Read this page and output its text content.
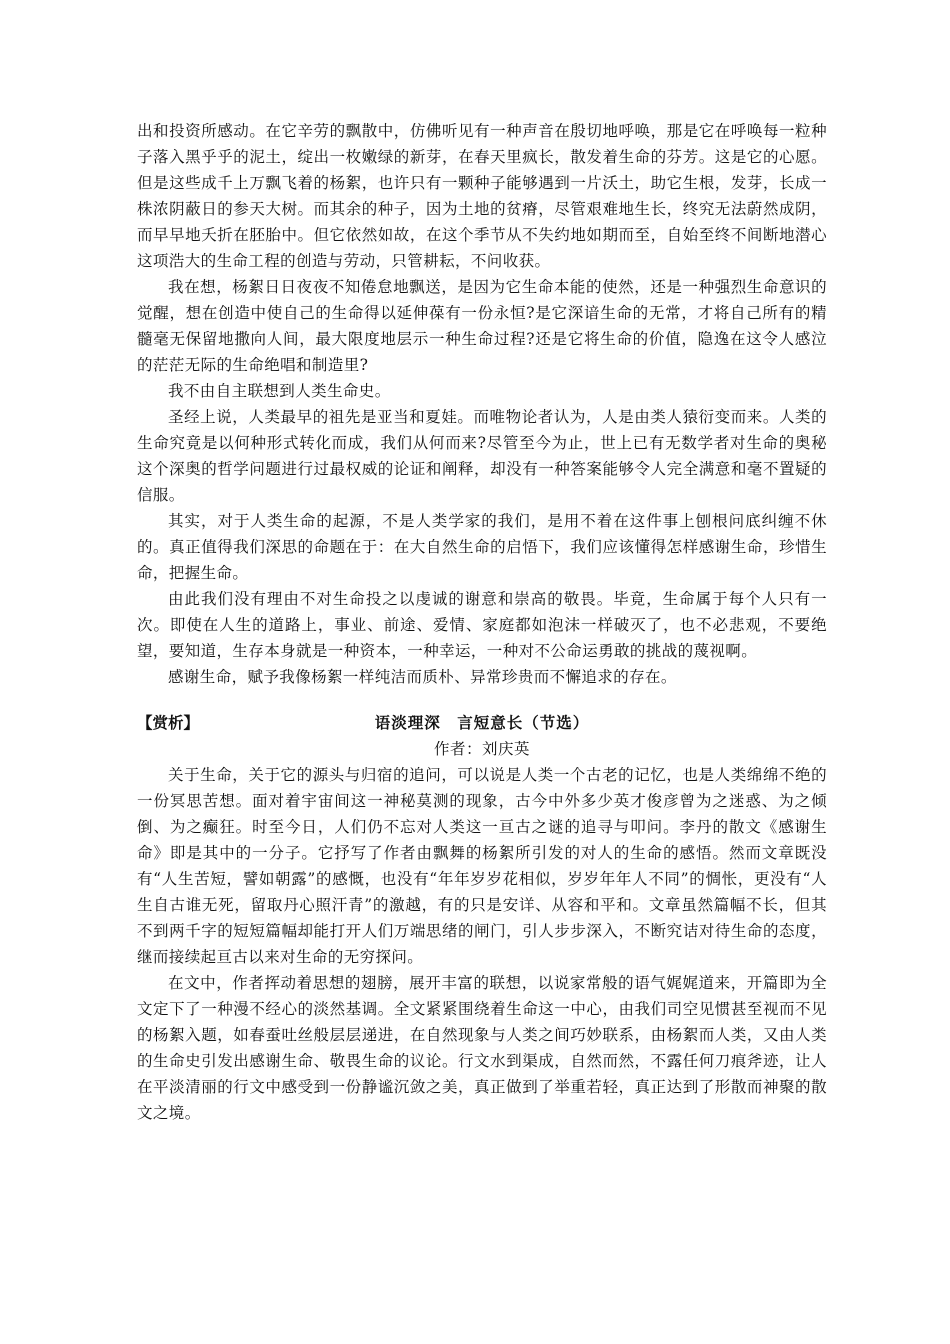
出和投资所感动。在它辛劳的飘散中，仿佛听见有一种声音在殷切地呼唤，那是它在呼唤每一粒种子落入黑乎乎的泥土，绽出一枚嫩绿的新芽，在春天里疯长，散发着生命的芬芳。这是它的心愿。但是这些成千上万飘飞着的杨絮，也许只有一颗种子能够遇到一片沃土，助它生根，发芽，长成一株浓阴蔽日的参天大树。而其余的种子，因为土地的贫瘠，尽管艰难地生长，终究无法蔚然成阴，而早早地夭折在胚胎中。但它依然如故，在这个季节从不失约地如期而至，自始至终不间断地潜心这项浩大的生命工程的创造与劳动，只管耕耘，不问收获。

我在想，杨絮日日夜夜不知倦怠地飘送，是因为它生命本能的使然，还是一种强烈生命意识的觉醒，想在创造中使自己的生命得以延伸葆有一份永恒?是它深谙生命的无常，才将自己所有的精髓毫无保留地撒向人间，最大限度地层示一种生命过程?还是它将生命的价值，隐逸在这令人感泣的茫茫无际的生命绝唱和制造里?

我不由自主联想到人类生命史。

圣经上说，人类最早的祖先是亚当和夏娃。而唯物论者认为，人是由类人猿衍变而来。人类的生命究竟是以何种形式转化而成，我们从何而来?尽管至今为止，世上已有无数学者对生命的奥秘这个深奥的哲学问题进行过最权威的论证和阐释，却没有一种答案能够令人完全满意和毫不置疑的信服。

其实，对于人类生命的起源，不是人类学家的我们，是用不着在这件事上刨根问底纠缠不休的。真正值得我们深思的命题在于：在大自然生命的启悟下，我们应该懂得怎样感谢生命，珍惜生命，把握生命。

由此我们没有理由不对生命投之以虔诚的谢意和崇高的敬畏。毕竟，生命属于每个人只有一次。即使在人生的道路上，事业、前途、爱情、家庭都如泡沫一样破灭了，也不必悲观，不要绝望，要知道，生存本身就是一种资本，一种幸运，一种对不公命运勇敢的挑战的蔑视啊。

感谢生命，赋予我像杨絮一样纯洁而质朴、异常珍贵而不懈追求的存在。

【赏析】	语淡理深　言短意长（节选）
作者：刘庆英

关于生命，关于它的源头与归宿的追问，可以说是人类一个古老的记忆，也是人类绵绵不绝的一份冥思苦想。面对着宇宙间这一神秘莫测的现象，古今中外多少英才俊彦曾为之迷惑、为之倾倒、为之癫狂。时至今日，人们仍不忘对人类这一亘古之谜的追寻与叩问。李丹的散文《感谢生命》即是其中的一分子。它抒写了作者由飘舞的杨絮所引发的对人的生命的感悟。然而文章既没有“人生苦短，譬如朝露”的感慨，也没有“年年岁岁花相似，岁岁年年人不同”的惆怅，更没有“人生自古谁无死，留取丹心照汗青”的激越，有的只是安详、从容和平和。文章虽然篇幅不长，但其不到两千字的短短篇幅却能打开人们万端思绪的闸门，引人步步深入，不断究诘对待生命的态度，继而接续起亘古以来对生命的无穷探问。

在文中，作者挥动着思想的翅膀，展开丰富的联想，以说家常般的语气娓娓道来，开篇即为全文定下了一种漫不经心的淡然基调。全文紧紧围绕着生命这一中心，由我们司空见惯甚至视而不见的杨絮入题，如春蚕吐丝般层层递进，在自然现象与人类之间巧妙联系，由杨絮而人类，又由人类的生命史引发出感谢生命、敬畏生命的议论。行文水到渠成，自然而然，不露任何刀痕斧迹，让人在平淡清丽的行文中感受到一份静谧沉敛之美，真正做到了举重若轻，真正达到了形散而神聚的散文之境。
